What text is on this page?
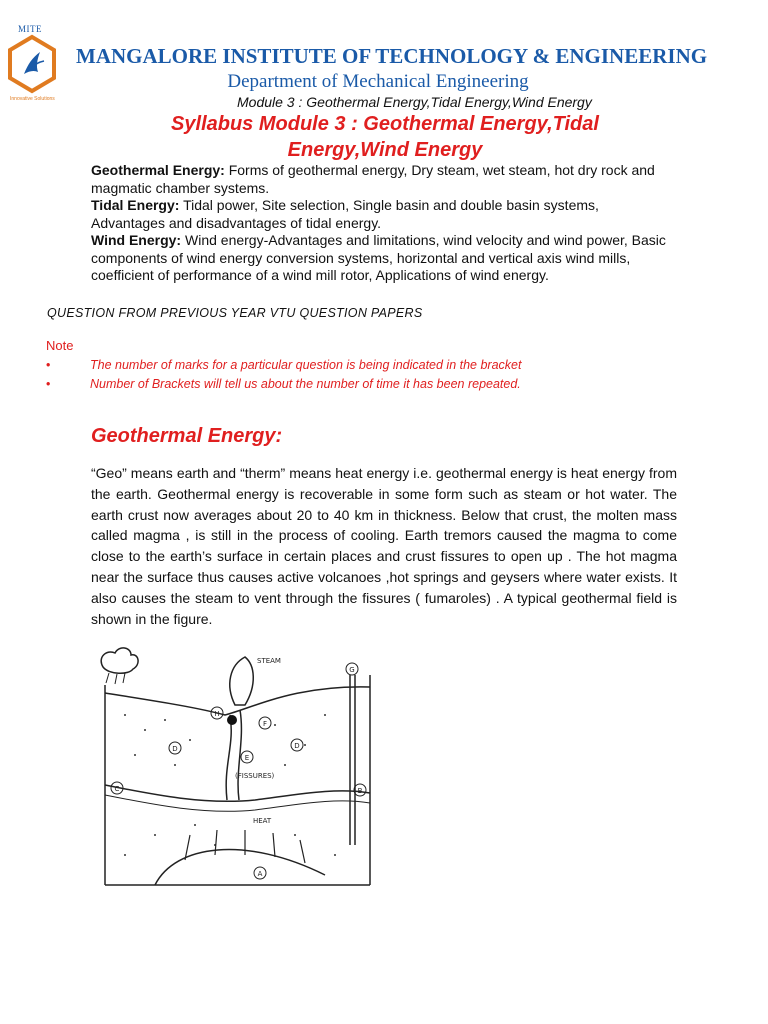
MITE
Innovative Solutions
MANGALORE INSTITUTE OF TECHNOLOGY & ENGINEERING
Department of Mechanical Engineering
Module 3 : Geothermal Energy,Tidal Energy,Wind Energy
Syllabus Module 3 : Geothermal Energy,Tidal Energy,Wind Energy

Geothermal Energy: Forms of geothermal energy, Dry steam, wet steam, hot dry rock and magmatic chamber systems.

Tidal Energy: Tidal power, Site selection, Single basin and double basin systems, Advantages and disadvantages of tidal energy.

Wind Energy: Wind energy-Advantages and limitations, wind velocity and wind power, Basic components of wind energy conversion systems, horizontal and vertical axis wind mills, coefficient of performance of a wind mill rotor, Applications of wind energy.

QUESTION FROM PREVIOUS YEAR VTU QUESTION PAPERS
Note
•	The number of marks for a particular question is being indicated in the bracket
•	Number of Brackets will tell us about the number of time it has been repeated.
Geothermal Energy:
“Geo” means earth and “therm” means heat energy i.e. geothermal energy is heat energy from the earth. Geothermal energy is recoverable in some form such as steam or hot water. The earth crust now averages about 20 to 40 km in thickness. Below that crust, the molten mass called magma , is still in the process of cooling. Earth tremors caused the magma to come close to the earth’s surface in certain places and crust fissures to open up . The hot magma near the surface thus causes active volcanoes ,hot springs and geysers where water exists. It also causes the steam to vent through the fissures ( fumaroles) . A typical geothermal field is shown in the figure.
STEAM
(FISSURES)
HEAT
A
B
C
D	D
E
F
G
H
